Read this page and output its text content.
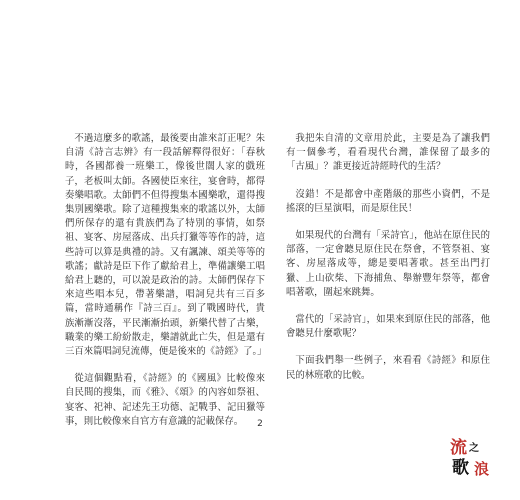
不過這麼多的歌謠，最後要由誰來訂正呢？朱自清《詩言志辨》有一段話解釋得很好：「春秋時，各國都養一班樂工，像後世闊人家的戲班子，老板叫太師。各國使臣來往，宴會時，都得奏樂唱歌。太師們不但得搜集本國樂歌，還得搜集別國樂歌。除了這種搜集來的歌謠以外，太師們所保存的還有貴族們為了特別的事情，如祭祖、宴客、房屋落成、出兵打獵等等作的詩，這些詩可以算是典禮的詩。又有諷諫、頌美等等的歌謠；獻詩是臣下作了獻給君上，準備讓樂工唱給君上聽的，可以說是政治的詩。太師們保存下來這些唱本兒，帶著樂譜，唱詞兒共有三百多篇，當時通稱作『詩三百』。到了戰國時代，貴族漸漸沒落，平民漸漸抬頭，新樂代替了古樂，職業的樂工紛紛散走，樂譜就此亡失，但是還有三百來篇唱詞兒流傳，便是後來的《詩經》了。」

從這個觀點看，《詩經》的《國風》比較像來自民間的搜集，而《雅》、《頌》的內容如祭祖、宴客、祀神、記述先王功德、記戰爭、記田獵等事，則比較像來自官方有意識的記載保存。

我把朱自清的文章用於此，主要是為了讓我們有一個參考，看看現代台灣，誰保留了最多的「古風」？誰更接近詩經時代的生活？

沒錯！不是都會中產階級的那些小資們，不是搖滾的巨星演唱，而是原住民！

如果現代的台灣有「采詩官」，他站在原住民的部落，一定會聽見原住民在祭會，不管祭祖、宴客、房屋落成等，總是要唱著歌。甚至出門打獵、上山砍柴、下海捕魚、舉辦豐年祭等，都會唱著歌，圍起來跳舞。

當代的「采詩官」，如果來到原住民的部落，他會聽見什麼歌呢？

下面我們舉一些例子，來看看《詩經》和原住民的林班歌的比較。

2
流 之
歌 浪
